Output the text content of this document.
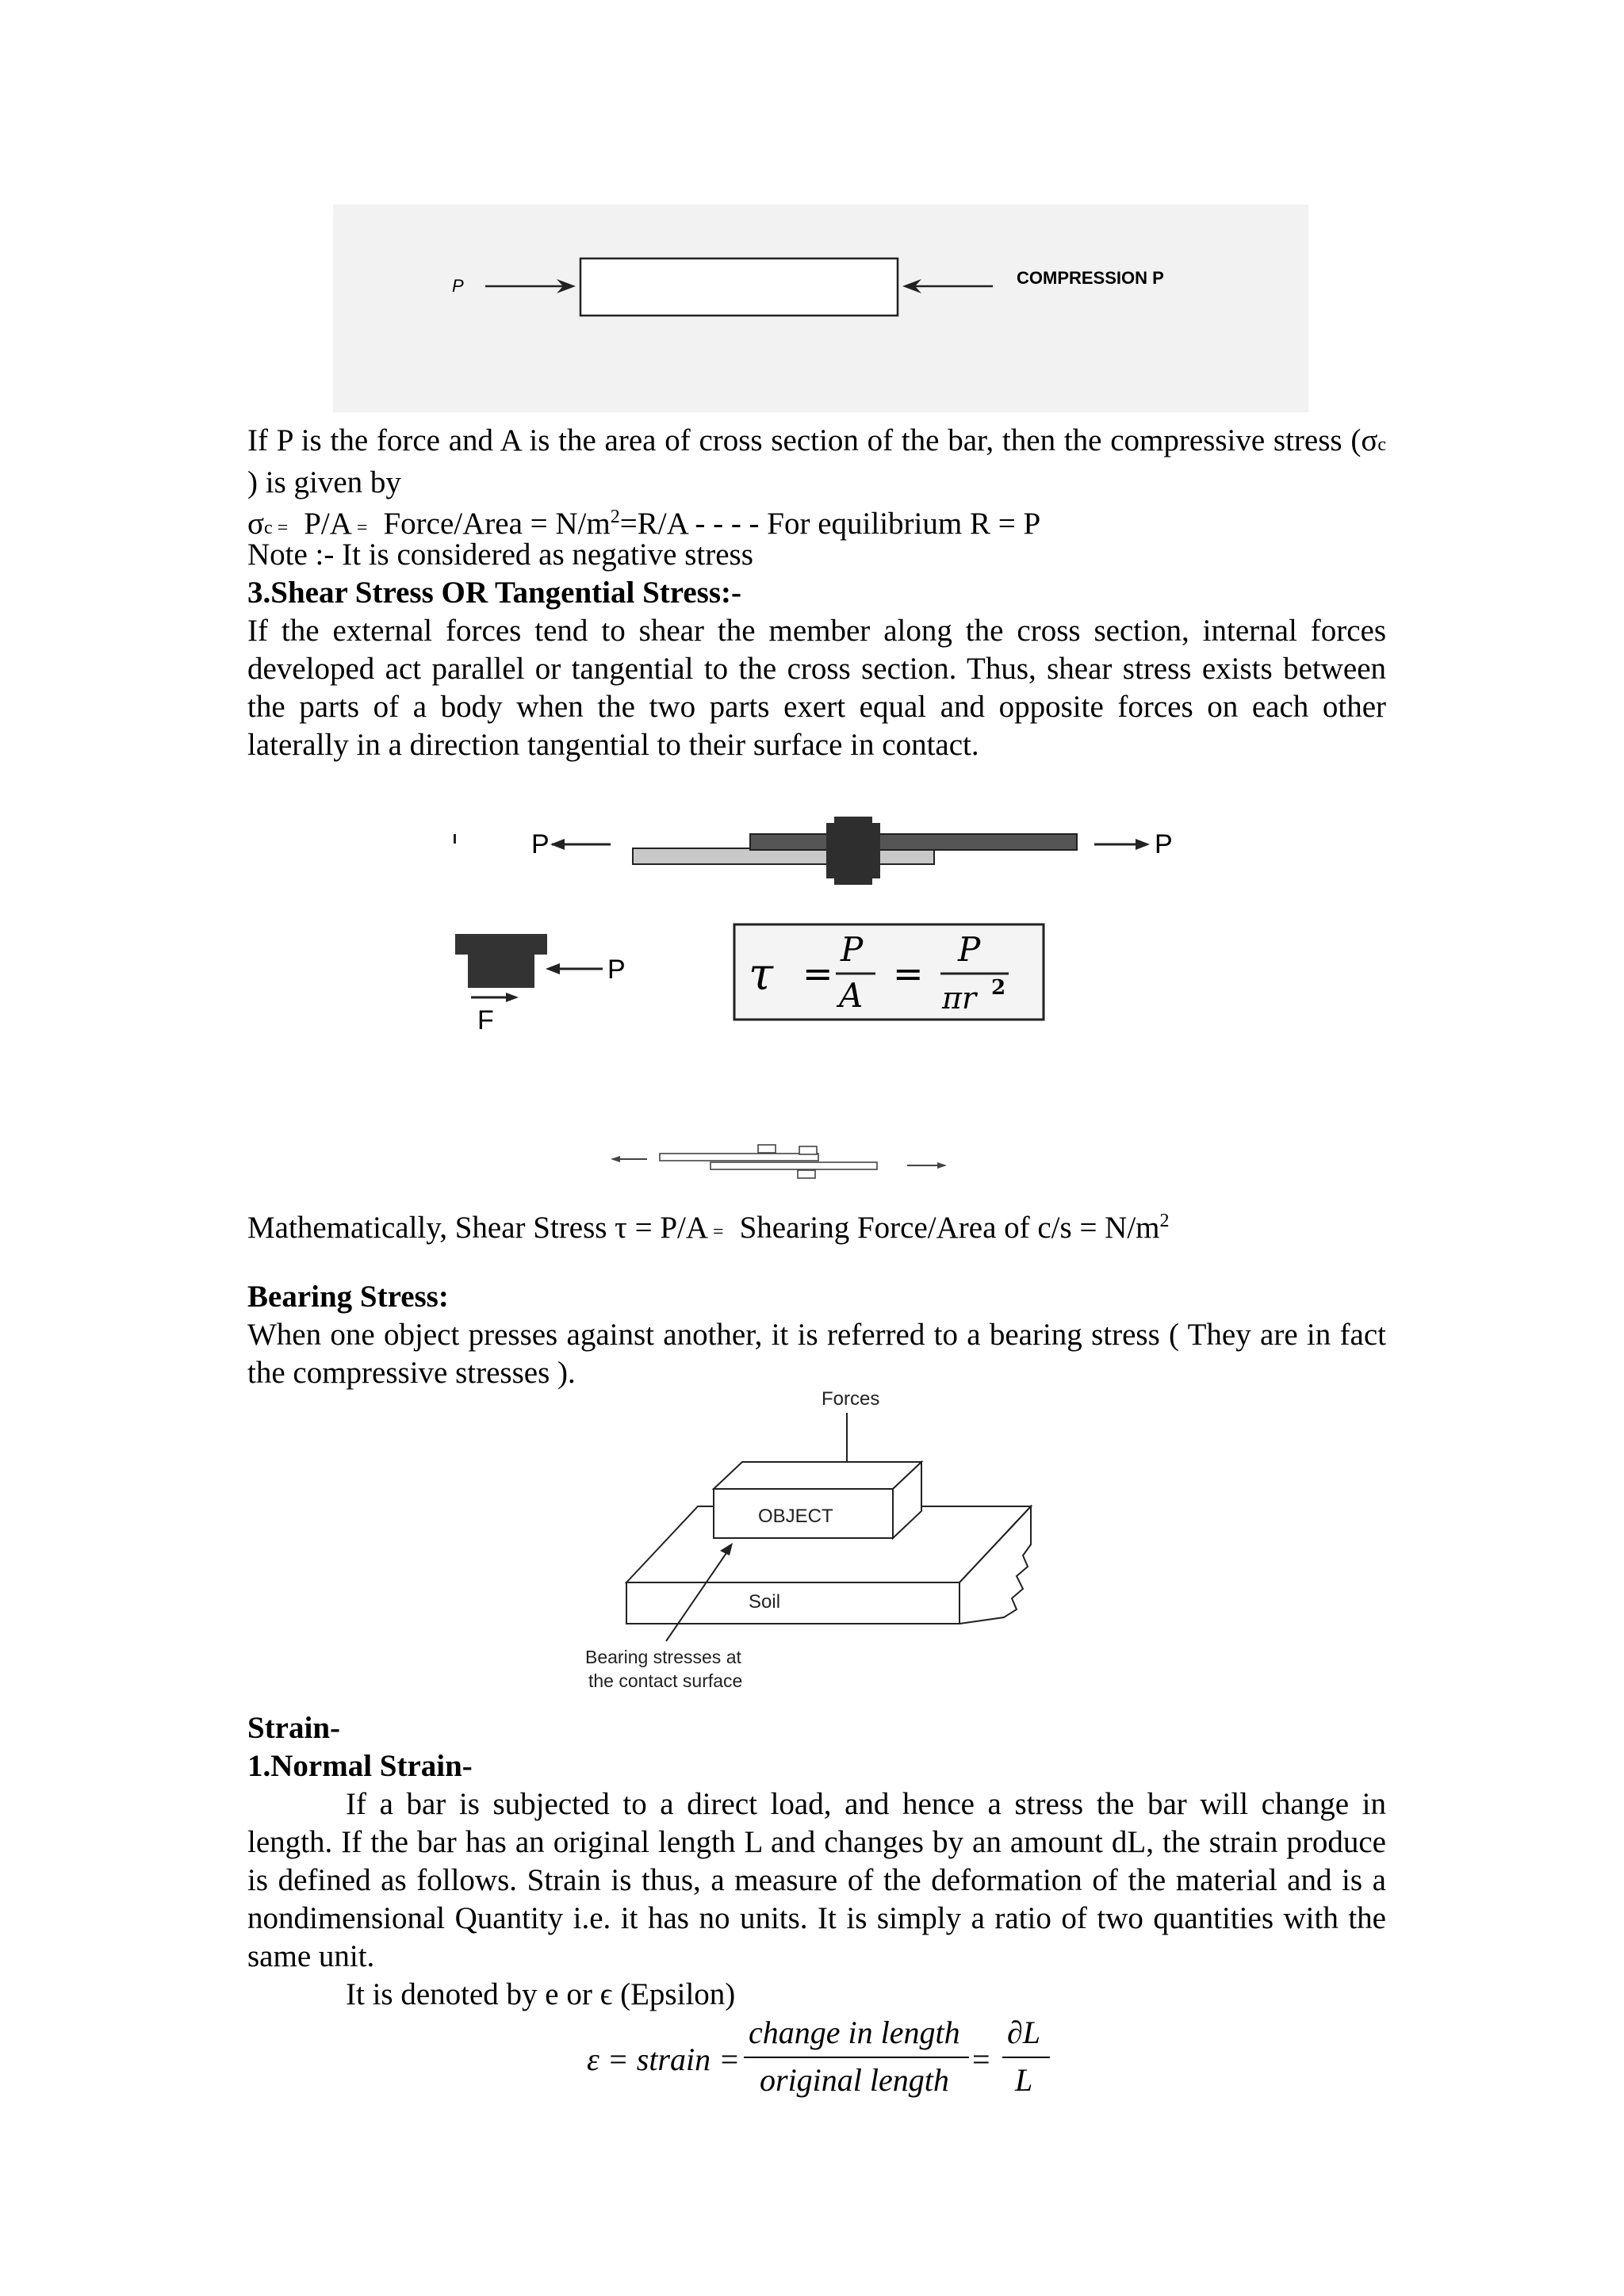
P	COMPRESSION P
If P is the force and A is the area of cross section of the bar, then the compressive stress (σc ) is given by
σc = P/A = Force/Area = $N/m^2=R/A$ - - - - For equilibrium R = P
Note :- It is considered as negative stress
3.Shear Stress OR Tangential Stress:-
If the external forces tend to shear the member along the cross section, internal forces developed act parallel or tangential to the cross section. Thus, shear stress exists between the parts of a body when the two parts exert equal and opposite forces on each other laterally in a direction tangential to their surface in contact.
P	P
P
F
τ =
P
A
=
P
πr 2
Mathematically, Shear Stress τ = P/A = Shearing Force/Area of $c/s = N/m^2$
Bearing Stress:
When one object presses against another, it is referred to a bearing stress ( They are in fact the compressive stresses ).
Forces
Soil
OBJECT
Bearing stresses at
the contact surface
Strain-
1.Normal Strain-
If a bar is subjected to a direct load, and hence a stress the bar will change in length. If the bar has an original length L and changes by an amount dL, the strain produce is defined as follows. Strain is thus, a measure of the deformation of the material and is a nondimensional Quantity i.e. it has no units. It is simply a ratio of two quantities with the same unit.
It is denoted by e or ϵ (Epsilon)
ε = strain =
change in length
original length
=
∂L
L
